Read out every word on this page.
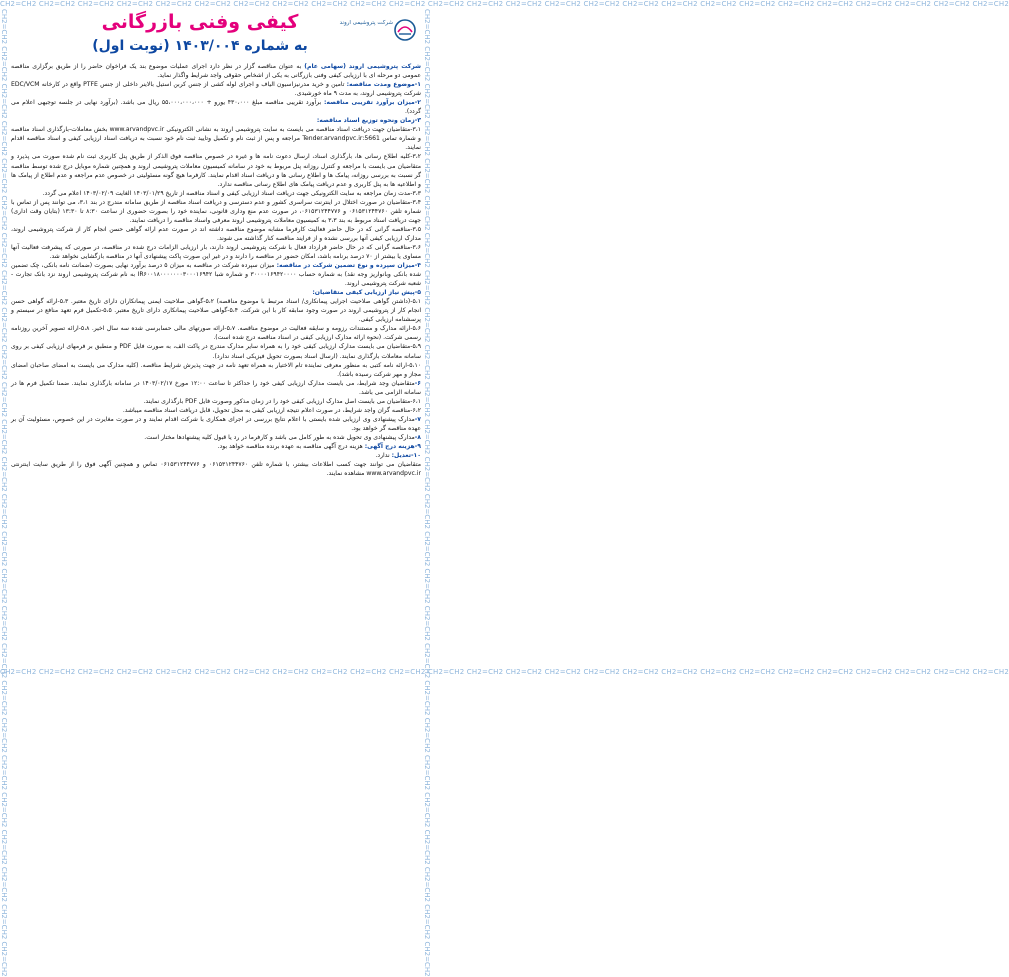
CH2=CH2 CH2=CH2 CH2=CH2 CH2=CH2 CH2=CH2 CH2=CH2 CH2=CH2 CH2=CH2 CH2=CH2 CH2=CH2 CH2=CH2 CH2=CH2 CH2=CH2 CH2=CH2 CH2=CH2 CH2=CH2 CH2=CH2 CH2=CH2 CH2=CH2 CH2=CH2 CH2=CH2 CH2=CH2 CH2=CH2 CH2=CH2 CH2=CH2 CH2=CH2
CH2=CH2 CH2=CH2 CH2=CH2 CH2=CH2 CH2=CH2 CH2=CH2 CH2=CH2 CH2=CH2 CH2=CH2 CH2=CH2 CH2=CH2 CH2=CH2 CH2=CH2 CH2=CH2 CH2=CH2 CH2=CH2 CH2=CH2 CH2=CH2 CH2=CH2 CH2=CH2 CH2=CH2 CH2=CH2 CH2=CH2 CH2=CH2 CH2=CH2 CH2=CH2
CH2=CH2 CH2=CH2 CH2=CH2 CH2=CH2 CH2=CH2 CH2=CH2 CH2=CH2 CH2=CH2 CH2=CH2 CH2=CH2 CH2=CH2 CH2=CH2 CH2=CH2 CH2=CH2 CH2=CH2 CH2=CH2 CH2=CH2 CH2=CH2 CH2=CH2 CH2=CH2 CH2=CH2 CH2=CH2 CH2=CH2 CH2=CH2 CH2=CH2 CH2=CH2	CH2=CH2 CH2=CH2 CH2=CH2 CH2=CH2 CH2=CH2 CH2=CH2 CH2=CH2 CH2=CH2 CH2=CH2 CH2=CH2 CH2=CH2 CH2=CH2 CH2=CH2 CH2=CH2 CH2=CH2 CH2=CH2 CH2=CH2 CH2=CH2 CH2=CH2 CH2=CH2 CH2=CH2 CH2=CH2 CH2=CH2 CH2=CH2 CH2=CH2 CH2=CH2
کیفی وفنی بازرگانی
به شماره ۱۴۰۳/۰۰۴ (نوبت اول)
شرکت پتروشیمی اروند

شرکت پتروشیمی اروند (سهامی عام) به عنوان مناقصه گزار در نظر دارد اجرای عملیات موضوع بند یک فراخوان حاضر را از طریق برگزاری مناقصه عمومی دو مرحله ای با ارزیابی کیفی وفنی بازرگانی به یکی از اشخاص حقوقی واجد شرایط واگذار نماید.

۱-موضوع ومدت مناقصه: تامین و خرید مدرنیزاسیون الیاف و اجرای لوله کشی از جنس کربن استیل بالاینر داخلی از جنس PTFE واقع در کارخانه EDC/VCM شرکت پتروشیمی اروند، به مدت ۹ ماه خورشیدی.

۲-میزان برآورد تقریبی مناقصه: برآورد تقریبی مناقصه مبلغ ۴۳۰،۰۰۰ یورو + ۵۵،۰۰۰،۰۰۰،۰۰۰ ریال می باشد. (برآورد نهایی در جلسه توجیهی اعلام می گردد).

۳-زمان ونحوه توزیع اسناد مناقصه:

۳،۱-متقاضیان جهت دریافت اسناد مناقصه می بایست به سایت پتروشیمی اروند به نشانی الکترونیکی www.arvandpvc.ir بخش معاملات-بارگذاری اسناد مناقصه و شماره تماس Tender.arvandpvc.ir:5661 مراجعه و پس از ثبت نام و تکمیل وتایید ثبت نام خود نسبت به دریافت اسناد ارزیابی کیفی و اسناد مناقصه اقدام نمایند.

۳،۲-کلیه اطلاع رسانی ها، بارگذاری اسناد، ارسال دعوت نامه ها و غیره در خصوص مناقصه فوق الذکر از طریق پنل کاربری ثبت نام شده صورت می پذیرد و متقاضیان می بایست با مراجعه و کنترل روزانه پنل مربوط به خود در سامانه کمیسیون معاملات پتروشیمی اروند و همچنین شماره موبایل درج شده توسط مناقصه گر نسبت به بررسی روزانه، پیامک ها و اطلاع رسانی ها و دریافت اسناد اقدام نمایند. کارفرما هیچ گونه مسئولیتی در خصوص عدم مراجعه و عدم اطلاع از پیامک ها و اطلاعیه ها به پنل کاربری و عدم دریافت پیامک های اطلاع رسانی مناقصه ندارد.

۳،۳-مدت زمان مراجعه به سایت الکترونیکی جهت دریافت اسناد ارزیابی کیفی و اسناد مناقصه از تاریخ ۱۴۰۳/۰۱/۲۹ الغایت ۱۴۰۳/۰۲/۰۹ اعلام می گردد.

۳،۴-متقاضیان در صورت اختلال در اینترنت سراسری کشور و عدم دسترسی و دریافت اسناد مناقصه از طریق سامانه مندرج در بند ۳،۱، می توانند پس از تماس با شماره تلفن ۰۶۱۵۳۱۲۴۴۷۶۰ و ۰۶۱۵۳۱۲۴۴۷۷۶، در صورت عدم منع وداری قانونی، نماینده خود را بصورت حضوری از ساعت ۸:۳۰ تا ۱۳:۳۰ (بتایان وقت اداری) جهت دریافت اسناد مربوط به بند ۳،۳ به کمیسیون معاملات پتروشیمی اروند معرفی واسناد مناقصه را دریافت نمایند.

۳،۵-مناقصه گرانی که در حال حاضر فعالیت کارفرما مشابه موضوع مناقصه داشته اند در صورت عدم ارائه گواهی حسن انجام کار از شرکت پتروشیمی اروند، مدارک ارزیابی کیفی آنها بررسی نشده و از فرایند مناقصه کنار گذاشته می شوند.

۳،۶-مناقصه گرانی که در حال حاضر قرارداد فعال با شرکت پتروشیمی اروند دارند، بار ارزیابی الزامات درج شده در مناقصه، در صورتی که پیشرفت فعالیت آنها مساوی یا بیشتر از ۷۰ درصد برنامه باشد، امکان حضور در مناقصه را دارند و در غیر این صورت پاکت پیشنهادی آنها در مناقصه بازگشایی نخواهد شد.

۴-میزان سپرده و نوع تضمین شرکت در مناقصه: میزان سپرده شرکت در مناقصه به میزان ۵ درصد برآورد نهایی بصورت (ضمانت نامه بانکی، چک تضمین شده بانکی وبانواریز وجه نقد) به شماره حساب ۳۰۰۰۰۱۶۹۴۲۰۰۰۰ و شماره شبا IR۶۰۰۱۸۰۰۰۰۰۰۰۳۰۰۰۱۶۹۴۲ به نام شرکت پتروشیمی اروند نزد بانک تجارت - شعبه شرکت پتروشیمی اروند.

۵-پیش نیاز ارزیابی کیفی متقاضیان:

۵،۱-(داشتن گواهی صلاحیت اجرایی پیمانکاری/ اسناد مرتبط با موضوع مناقصه) ۵،۲-گواهی صلاحیت ایمنی پیمانکاران دارای تاریخ معتبر. ۵،۳-ارائه گواهی حسن انجام کار از پتروشیمی اروند در صورت وجود سابقه کار با این شرکت. ۵،۴-گواهی صلاحیت پیمانکاری دارای تاریخ معتبر. ۵،۵-تکمیل فرم تعهد منافع در سیستم و پرسشنامه ارزیابی کیفی.

۵،۶-ارائه مدارک و مستندات رزومه و سابقه فعالیت در موضوع مناقصه. ۵،۷-ارائه صورتهای مالی حسابرسی شده سه سال اخیر. ۵،۸-ارائه تصویر آخرین روزنامه رسمی شرکت. (نحوه ارائه مدارک ارزیابی کیفی در اسناد مناقصه درج شده است).

۵،۹-متقاضیان می بایست مدارک ارزیابی کیفی خود را به همراه سایر مدارک مندرج در پاکت الف، به صورت فایل PDF و منطبق بر فرمهای ارزیابی کیفی بر روی سامانه معاملات بارگذاری نمایند. (ارسال اسناد بصورت تحویل فیزیکی اسناد ندارد).

۵،۱۰-ارائه نامه کتبی به منظور معرفی نماینده تام الاختیار به همراه تعهد نامه در جهت پذیرش شرایط مناقصه. (کلیه مدارک می بایست به امضای صاحبان امضای مجاز و مهر شرکت رسیده باشد).

۶-متقاضیان وجد شرایط، می بایست مدارک ارزیابی کیفی خود را حداکثر تا ساعت ۱۲:۰۰ مورخ ۱۴۰۳/۰۲/۱۷ در سامانه بارگذاری نمایند. ضمنا تکمیل فرم ها در سامانه الزامی می باشد.

۶،۱-متقاضیان می بایست اصل مدارک ارزیابی کیفی خود را در زمان مذکور وصورت فایل PDF بارگذاری نمایند.

۶،۲-مناقصه گران واجد شرایط، در صورت اعلام نتیجه ارزیابی کیفی به محل تحویل، قابل دریافت اسناد مناقصه میباشد.

۷-مدارک پیشنهادی وی ارزیابی شده بایستی با اعلام نتایج بررسی در اجرای همکاری با شرکت اقدام نمایند و در صورت مغایرت در این خصوص، مسئولیت آن بر عهده مناقصه گر خواهد بود.

۸-مدارک پیشنهادی وی تحویل شده به طور کامل می باشد و کارفرما در رد یا قبول کلیه پیشنهادها مختار است.

۹-هزینه درج آگهی: هزینه درج آگهی مناقصه به عهده برنده مناقصه خواهد بود.

۱۰-تعدیل: ندارد.

متقاضیان می توانند جهت کسب اطلاعات بیشتر، با شماره تلفن ۰۶۱۵۳۱۲۴۴۷۶۰ و ۰۶۱۵۳۱۲۴۴۷۷۶ تماس و همچنین آگهی فوق را از طریق سایت اینترنتی www.arvandpvc.ir مشاهده نمایند.
